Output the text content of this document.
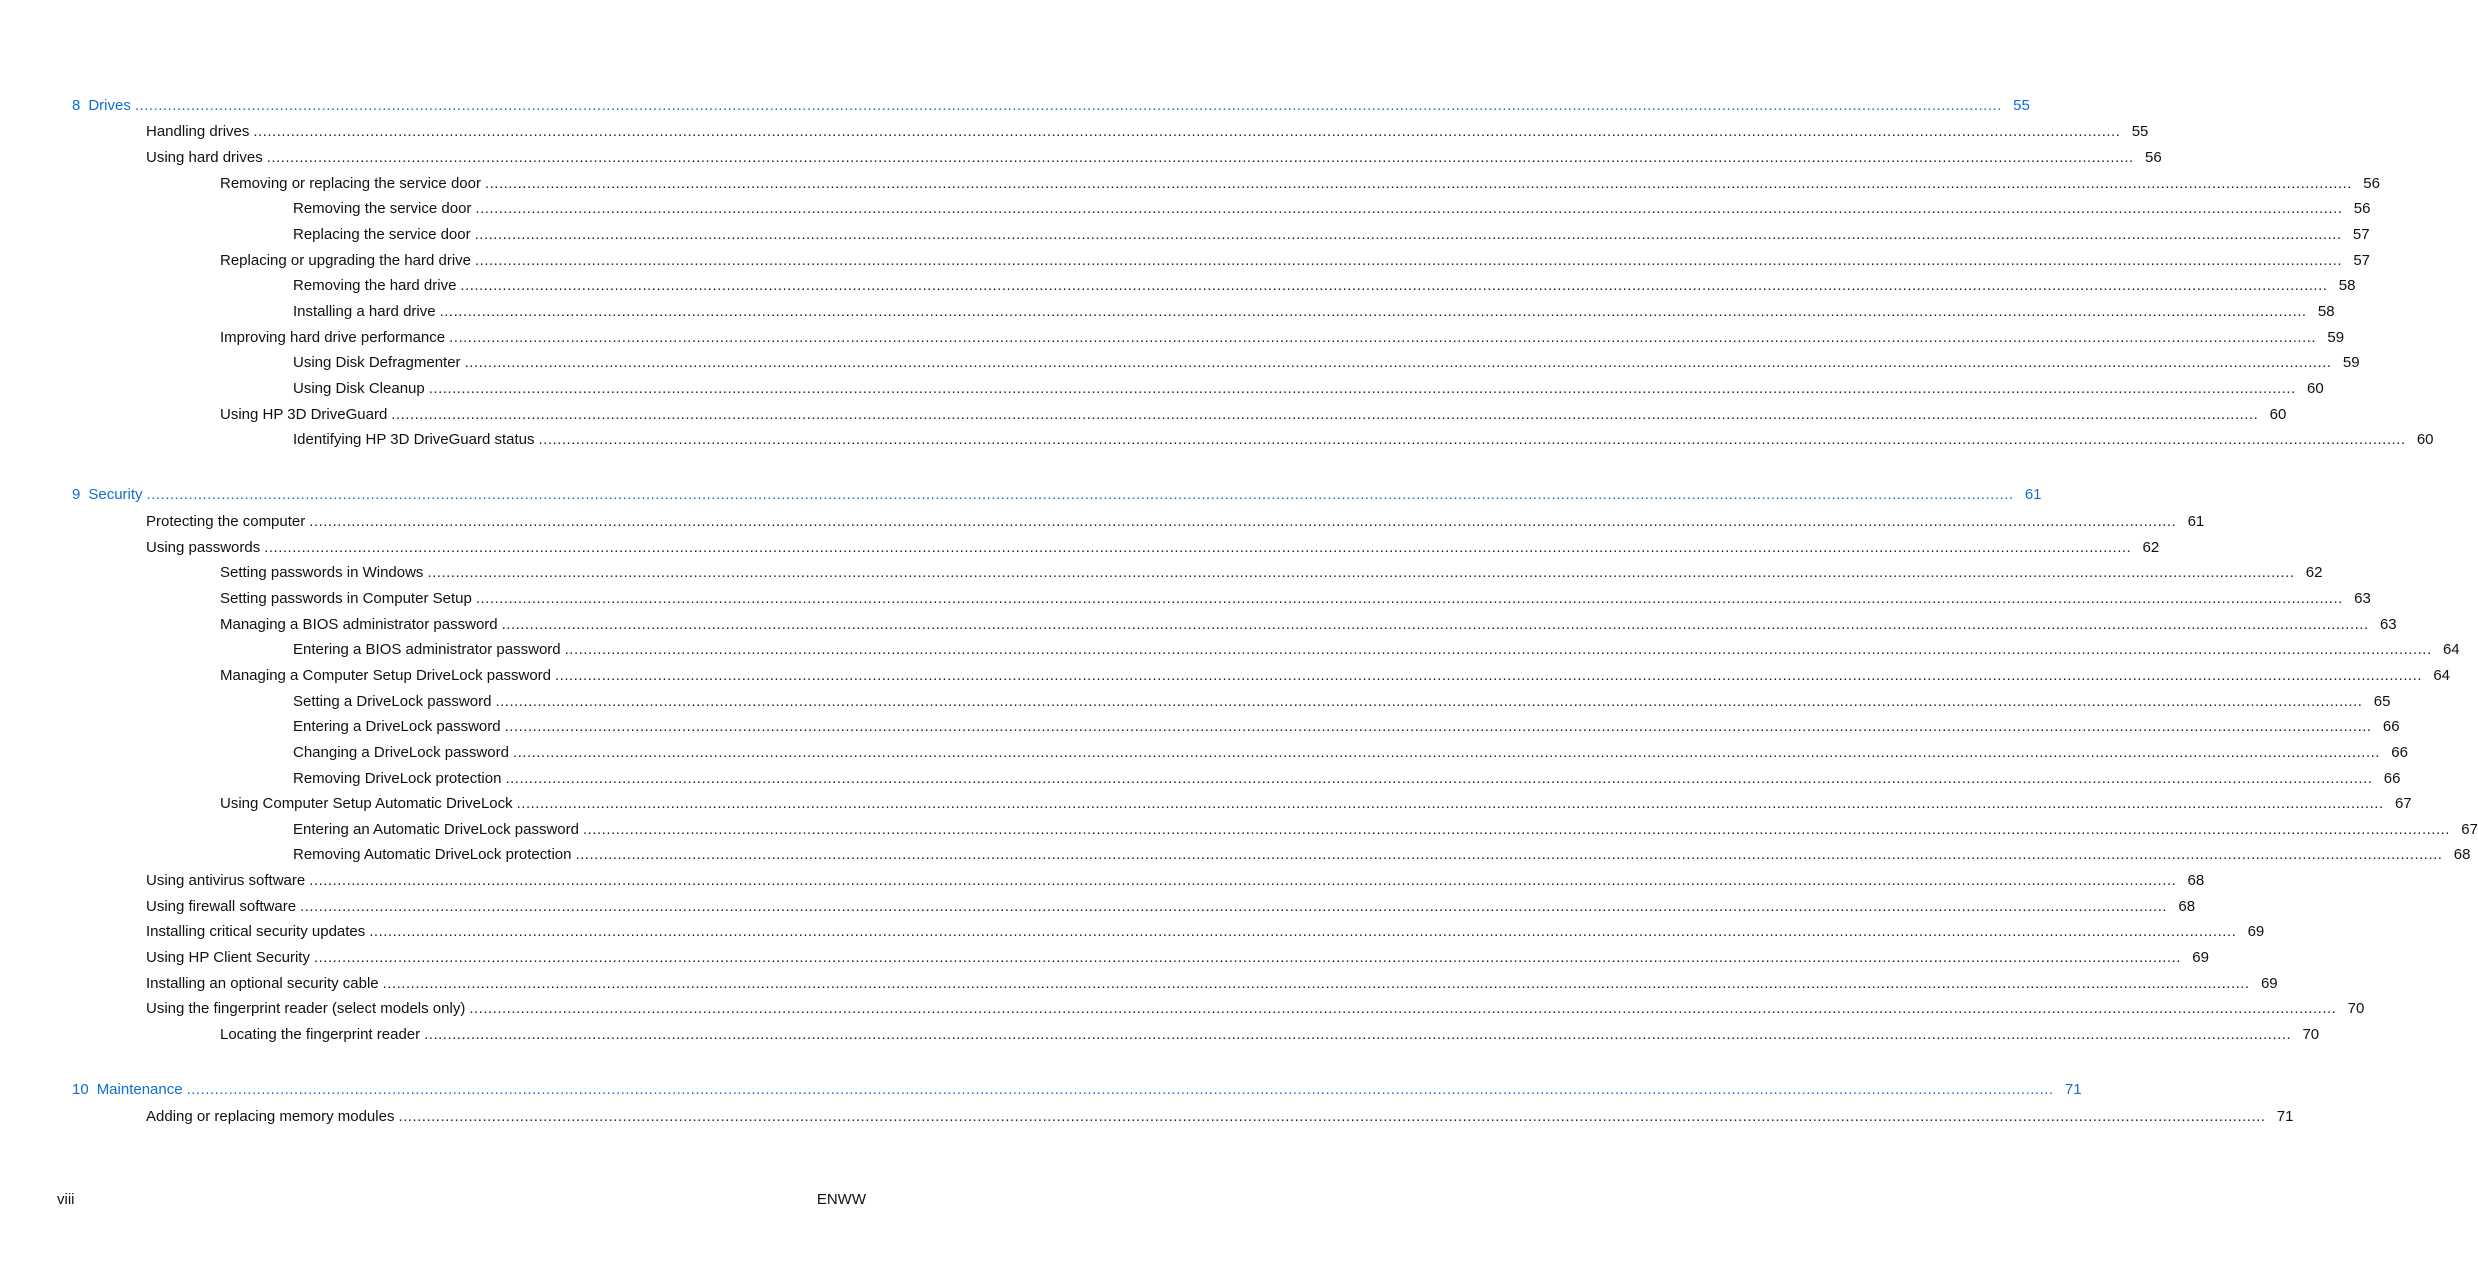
8 Drives ................................................................................................................................................................................................................................................................................................................................................................................................................ 55
Handling drives ................................................................................................................................................................................................................................................................................................................................................................................................................ 55
Using hard drives ................................................................................................................................................................................................................................................................................................................................................................................................................ 56
Removing or replacing the service door ................................................................................................................................................................................................................................................................................................................................................................................................................ 56
Removing the service door ................................................................................................................................................................................................................................................................................................................................................................................................................ 56
Replacing the service door ................................................................................................................................................................................................................................................................................................................................................................................................................ 57
Replacing or upgrading the hard drive ................................................................................................................................................................................................................................................................................................................................................................................................................ 57
Removing the hard drive ................................................................................................................................................................................................................................................................................................................................................................................................................ 58
Installing a hard drive ................................................................................................................................................................................................................................................................................................................................................................................................................ 58
Improving hard drive performance ................................................................................................................................................................................................................................................................................................................................................................................................................ 59
Using Disk Defragmenter ................................................................................................................................................................................................................................................................................................................................................................................................................ 59
Using Disk Cleanup ................................................................................................................................................................................................................................................................................................................................................................................................................ 60
Using HP 3D DriveGuard ................................................................................................................................................................................................................................................................................................................................................................................................................ 60
Identifying HP 3D DriveGuard status ................................................................................................................................................................................................................................................................................................................................................................................................................ 60
9 Security ................................................................................................................................................................................................................................................................................................................................................................................................................ 61
Protecting the computer ................................................................................................................................................................................................................................................................................................................................................................................................................ 61
Using passwords ................................................................................................................................................................................................................................................................................................................................................................................................................ 62
Setting passwords in Windows ................................................................................................................................................................................................................................................................................................................................................................................................................ 62
Setting passwords in Computer Setup ................................................................................................................................................................................................................................................................................................................................................................................................................ 63
Managing a BIOS administrator password ................................................................................................................................................................................................................................................................................................................................................................................................................ 63
Entering a BIOS administrator password ................................................................................................................................................................................................................................................................................................................................................................................................................ 64
Managing a Computer Setup DriveLock password ................................................................................................................................................................................................................................................................................................................................................................................................................ 64
Setting a DriveLock password ................................................................................................................................................................................................................................................................................................................................................................................................................ 65
Entering a DriveLock password ................................................................................................................................................................................................................................................................................................................................................................................................................ 66
Changing a DriveLock password ................................................................................................................................................................................................................................................................................................................................................................................................................ 66
Removing DriveLock protection ................................................................................................................................................................................................................................................................................................................................................................................................................ 66
Using Computer Setup Automatic DriveLock ................................................................................................................................................................................................................................................................................................................................................................................................................ 67
Entering an Automatic DriveLock password ................................................................................................................................................................................................................................................................................................................................................................................................................ 67
Removing Automatic DriveLock protection ................................................................................................................................................................................................................................................................................................................................................................................................................ 68
Using antivirus software ................................................................................................................................................................................................................................................................................................................................................................................................................ 68
Using firewall software ................................................................................................................................................................................................................................................................................................................................................................................................................ 68
Installing critical security updates ................................................................................................................................................................................................................................................................................................................................................................................................................ 69
Using HP Client Security ................................................................................................................................................................................................................................................................................................................................................................................................................ 69
Installing an optional security cable ................................................................................................................................................................................................................................................................................................................................................................................................................ 69
Using the fingerprint reader (select models only) ................................................................................................................................................................................................................................................................................................................................................................................................................ 70
Locating the fingerprint reader ................................................................................................................................................................................................................................................................................................................................................................................................................ 70
10 Maintenance ................................................................................................................................................................................................................................................................................................................................................................................................................ 71
Adding or replacing memory modules ................................................................................................................................................................................................................................................................................................................................................................................................................ 71
viii	ENWW
